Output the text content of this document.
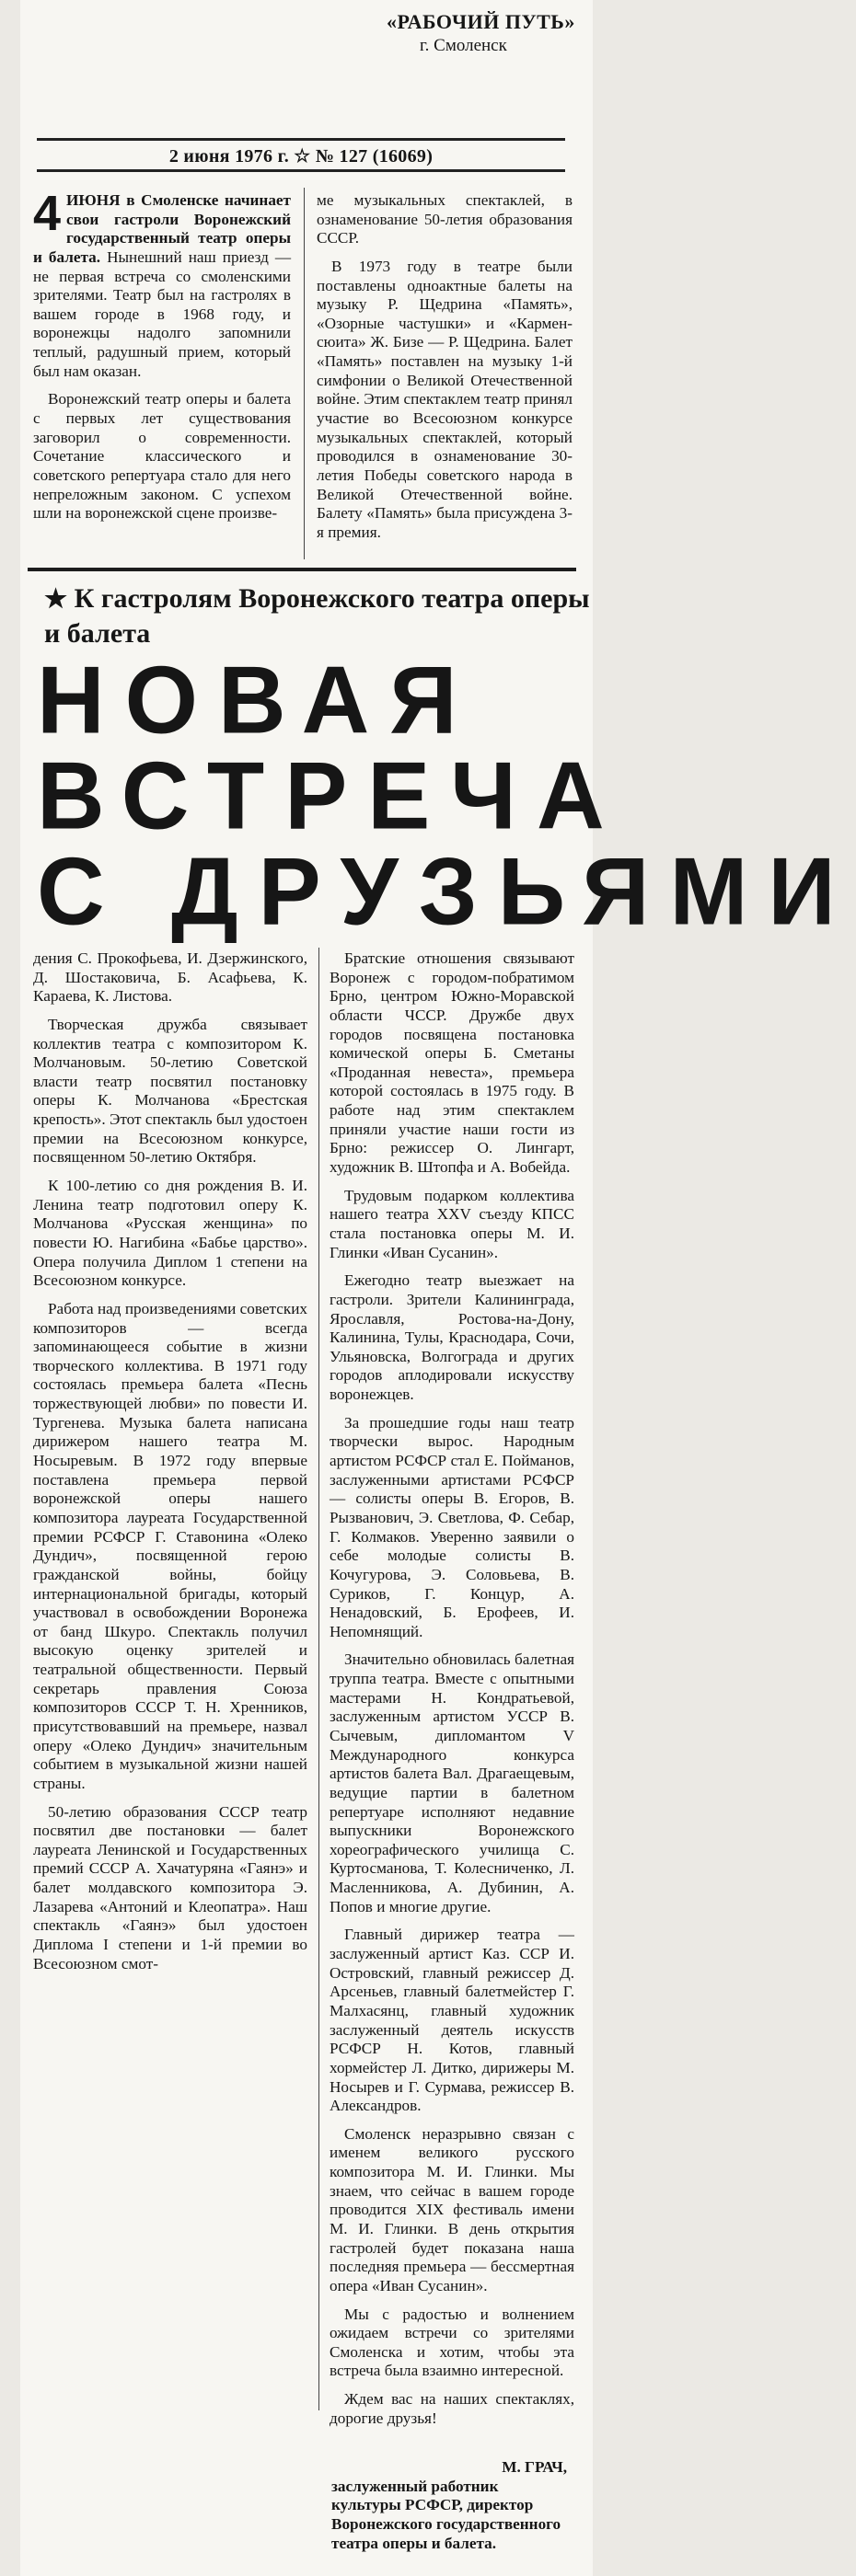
«РАБОЧИЙ ПУТЬ»
г. Смоленск
2 июня 1976 г. ☆ № 127 (16069)

4 ИЮНЯ в Смоленске начинает свои гастроли Воронежский государственный театр оперы и балета. Нынешний наш приезд — не первая встреча со смоленскими зрителями. Театр был на гастролях в вашем городе в 1968 году, и воронежцы надолго запомнили теплый, радушный прием, который был нам оказан.

Воронежский театр оперы и балета с первых лет существования заговорил о современности. Сочетание классического и советского репертуара стало для него непреложным законом. С успехом шли на воронежской сцене произве-

ме музыкальных спектаклей, в ознаменование 50-летия образования СССР.

В 1973 году в театре были поставлены одноактные балеты на музыку Р. Щедрина «Память», «Озорные частушки» и «Кармен-сюита» Ж. Бизе — Р. Щедрина. Балет «Память» поставлен на музыку 1-й симфонии о Великой Отечественной войне. Этим спектаклем театр принял участие во Всесоюзном конкурсе музыкальных спектаклей, который проводился в ознаменование 30-летия Победы советского народа в Великой Отечественной войне. Балету «Память» была присуждена 3-я премия.

★ К гастролям Воронежского театра оперы и балета
НОВАЯ
ВСТРЕЧА
С ДРУЗЬЯМИ

дения С. Прокофьева, И. Дзержинского, Д. Шостаковича, Б. Асафьева, К. Караева, К. Листова.

Творческая дружба связывает коллектив театра с композитором К. Молчановым. 50-летию Советской власти театр посвятил постановку оперы К. Молчанова «Брестская крепость». Этот спектакль был удостоен премии на Всесоюзном конкурсе, посвященном 50-летию Октября.

К 100-летию со дня рождения В. И. Ленина театр подготовил оперу К. Молчанова «Русская женщина» по повести Ю. Нагибина «Бабье царство». Опера получила Диплом 1 степени на Всесоюзном конкурсе.

Работа над произведениями советских композиторов — всегда запоминающееся событие в жизни творческого коллектива. В 1971 году состоялась премьера балета «Песнь торжествующей любви» по повести И. Тургенева. Музыка балета написана дирижером нашего театра М. Носыревым. В 1972 году впервые поставлена премьера первой воронежской оперы нашего композитора лауреата Государственной премии РСФСР Г. Ставонина «Олеко Дундич», посвященной герою гражданской войны, бойцу интернациональной бригады, который участвовал в освобождении Воронежа от банд Шкуро. Спектакль получил высокую оценку зрителей и театральной общественности. Первый секретарь правления Союза композиторов СССР Т. Н. Хренников, присутствовавший на премьере, назвал оперу «Олеко Дундич» значительным событием в музыкальной жизни нашей страны.

50-летию образования СССР театр посвятил две постановки — балет лауреата Ленинской и Государственных премий СССР А. Хачатуряна «Гаянэ» и балет молдавского композитора Э. Лазарева «Антоний и Клеопатра». Наш спектакль «Гаянэ» был удостоен Диплома I степени и 1-й премии во Всесоюзном смот-

Братские отношения связывают Воронеж с городом-побратимом Брно, центром Южно-Моравской области ЧССР. Дружбе двух городов посвящена постановка комической оперы Б. Сметаны «Проданная невеста», премьера которой состоялась в 1975 году. В работе над этим спектаклем приняли участие наши гости из Брно: режиссер О. Лингарт, художник В. Штопфа и А. Вобейда.

Трудовым подарком коллектива нашего театра XXV съезду КПСС стала постановка оперы М. И. Глинки «Иван Сусанин».

Ежегодно театр выезжает на гастроли. Зрители Калининграда, Ярославля, Ростова-на-Дону, Калинина, Тулы, Краснодара, Сочи, Ульяновска, Волгограда и других городов аплодировали искусству воронежцев.

За прошедшие годы наш театр творчески вырос. Народным артистом РСФСР стал Е. Пойманов, заслуженными артистами РСФСР — солисты оперы В. Егоров, В. Рызванович, Э. Светлова, Ф. Себар, Г. Колмаков. Уверенно заявили о себе молодые солисты В. Кочугурова, Э. Соловьева, В. Суриков, Г. Концур, А. Ненадовский, Б. Ерофеев, И. Непомнящий.

Значительно обновилась балетная труппа театра. Вместе с опытными мастерами Н. Кондратьевой, заслуженным артистом УССР В. Сычевым, дипломантом V Международного конкурса артистов балета Вал. Драгаещевым, ведущие партии в балетном репертуаре исполняют недавние выпускники Воронежского хореографического училища С. Куртосманова, Т. Колесниченко, Л. Масленникова, А. Дубинин, А. Попов и многие другие.

Главный дирижер театра — заслуженный артист Каз. ССР И. Островский, главный режиссер Д. Арсеньев, главный балетмейстер Г. Малхасянц, главный художник заслуженный деятель искусств РСФСР Н. Котов, главный хормейстер Л. Дитко, дирижеры М. Носырев и Г. Сурмава, режиссер В. Александров.

Смоленск неразрывно связан с именем великого русского композитора М. И. Глинки. Мы знаем, что сейчас в вашем городе проводится XIX фестиваль имени М. И. Глинки. В день открытия гастролей будет показана наша последняя премьера — бессмертная опера «Иван Сусанин».

Мы с радостью и волнением ожидаем встречи со зрителями Смоленска и хотим, чтобы эта встреча была взаимно интересной.

Ждем вас на наших спектаклях, дорогие друзья!

М. ГРАЧ,
заслуженный работник культуры РСФСР, директор Воронежского государственного театра оперы и балета.
